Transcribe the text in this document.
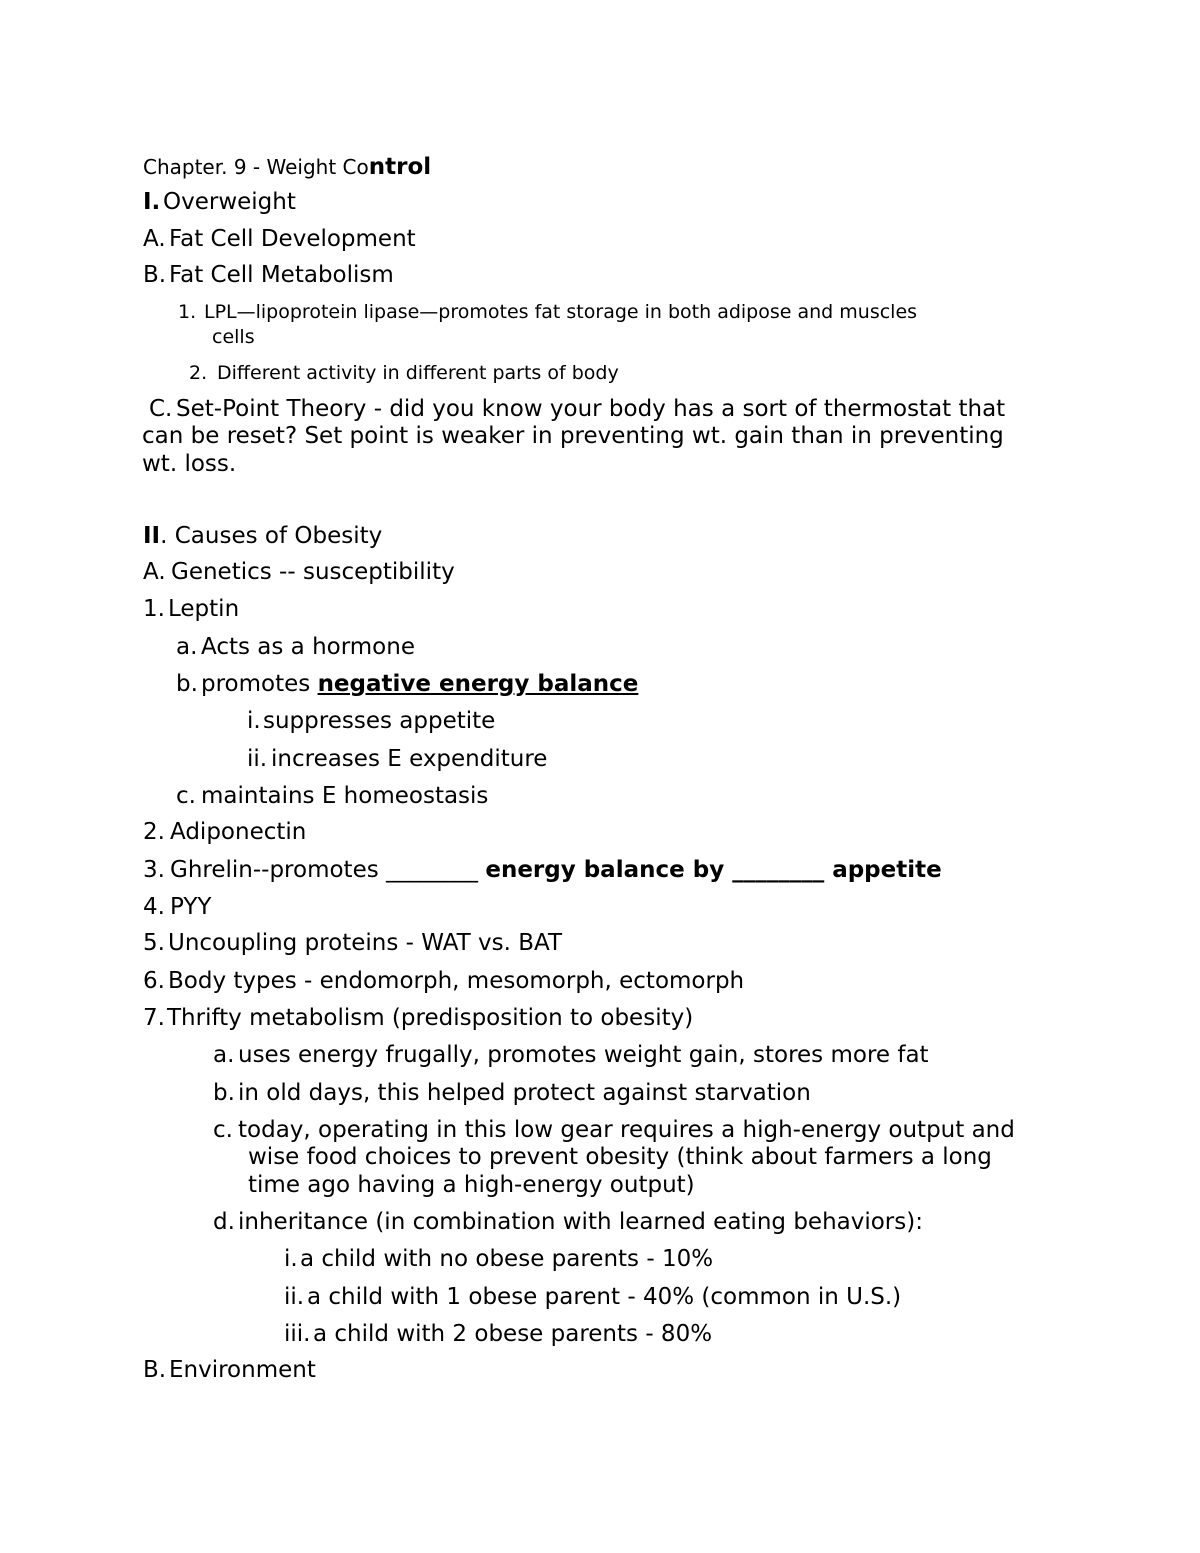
Chapter. 9 - Weight Control
I. Overweight
A. Fat Cell Development
B. Fat Cell Metabolism
1. LPL—lipoprotein lipase—promotes fat storage in both adipose and muscles
cells
2. Different activity in different parts of body
C. Set-Point Theory - did you know your body has a sort of thermostat that
can be reset? Set point is weaker in preventing wt. gain than in preventing
wt. loss.
II. Causes of Obesity
A. Genetics -- susceptibility
1. Leptin
a. Acts as a hormone
b. promotes negative energy balance
i.suppresses appetite
ii. increases E expenditure
c. maintains E homeostasis
2. Adiponectin
3. Ghrelin--promotes ________ energy balance by ________ appetite
4. PYY
5. Uncoupling proteins - WAT vs. BAT
6. Body types - endomorph, mesomorph, ectomorph
7.Thrifty metabolism (predisposition to obesity)
a. uses energy frugally, promotes weight gain, stores more fat
b. in old days, this helped protect against starvation
c. today, operating in this low gear requires a high-energy output and
wise food choices to prevent obesity (think about farmers a long
time ago having a high-energy output)
d. inheritance (in combination with learned eating behaviors):
i.a child with no obese parents - 10%
ii. a child with 1 obese parent - 40% (common in U.S.)
iii. a child with 2 obese parents - 80%
B. Environment
